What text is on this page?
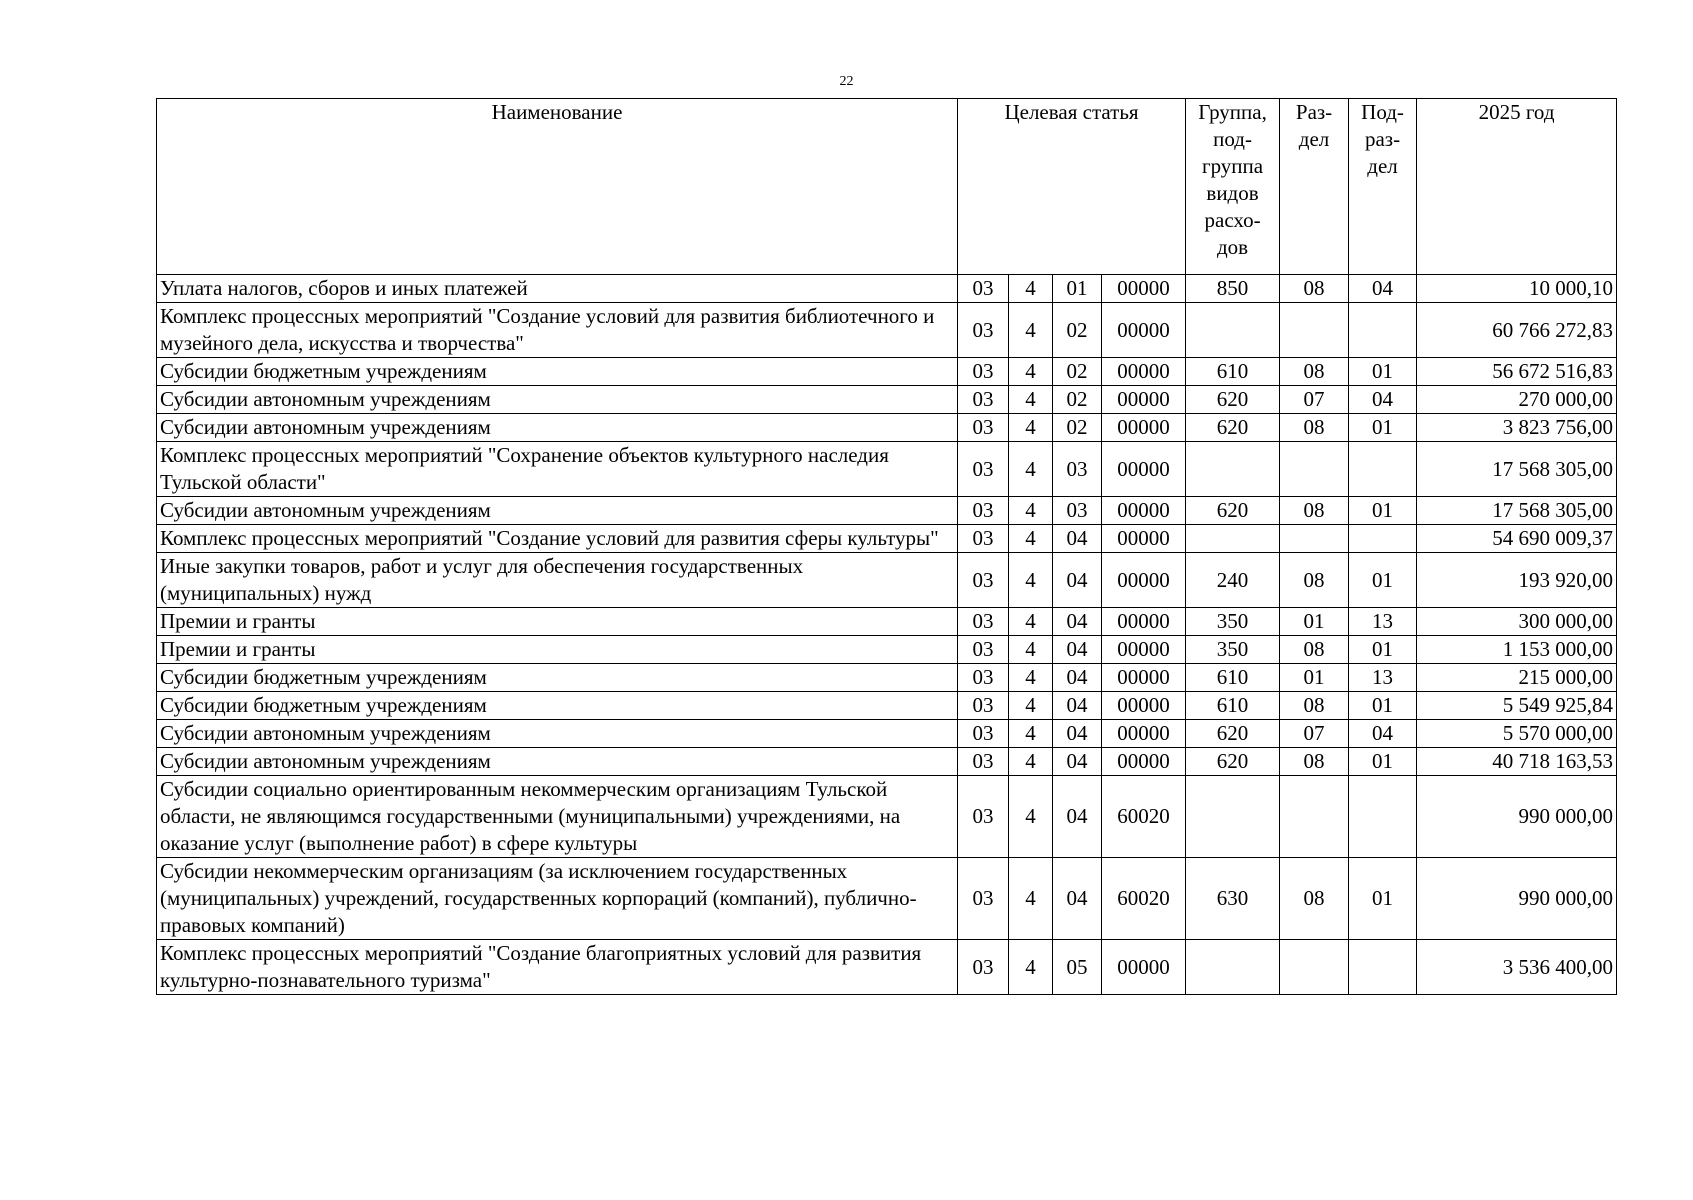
22
Наименование	Целевая статья				Группа, под-группа видов расхо-дов	Раз-дел	Под-раз-дел	2025 год
Уплата налогов, сборов и иных платежей	03	4	01	00000	850	08	04	10 000,10
Комплекс процессных мероприятий "Создание условий для развития библиотечного и музейного дела, искусства и творчества"	03	4	02	00000				60 766 272,83
Субсидии бюджетным учреждениям	03	4	02	00000	610	08	01	56 672 516,83
Субсидии автономным учреждениям	03	4	02	00000	620	07	04	270 000,00
Субсидии автономным учреждениям	03	4	02	00000	620	08	01	3 823 756,00
Комплекс процессных мероприятий "Сохранение объектов культурного наследия Тульской области"	03	4	03	00000				17 568 305,00
Субсидии автономным учреждениям	03	4	03	00000	620	08	01	17 568 305,00
Комплекс процессных мероприятий "Создание условий для развития сферы культуры"	03	4	04	00000				54 690 009,37
Иные закупки товаров, работ и услуг для обеспечения государственных (муниципальных) нужд	03	4	04	00000	240	08	01	193 920,00
Премии и гранты	03	4	04	00000	350	01	13	300 000,00
Премии и гранты	03	4	04	00000	350	08	01	1 153 000,00
Субсидии бюджетным учреждениям	03	4	04	00000	610	01	13	215 000,00
Субсидии бюджетным учреждениям	03	4	04	00000	610	08	01	5 549 925,84
Субсидии автономным учреждениям	03	4	04	00000	620	07	04	5 570 000,00
Субсидии автономным учреждениям	03	4	04	00000	620	08	01	40 718 163,53
Субсидии социально ориентированным некоммерческим организациям Тульской области, не являющимся государственными (муниципальными) учреждениями, на оказание услуг (выполнение работ) в сфере культуры	03	4	04	60020				990 000,00
Субсидии некоммерческим организациям (за исключением государственных (муниципальных) учреждений, государственных корпораций (компаний), публично-правовых компаний)	03	4	04	60020	630	08	01	990 000,00
Комплекс процессных мероприятий "Создание благоприятных условий для развития культурно-познавательного туризма"	03	4	05	00000				3 536 400,00
